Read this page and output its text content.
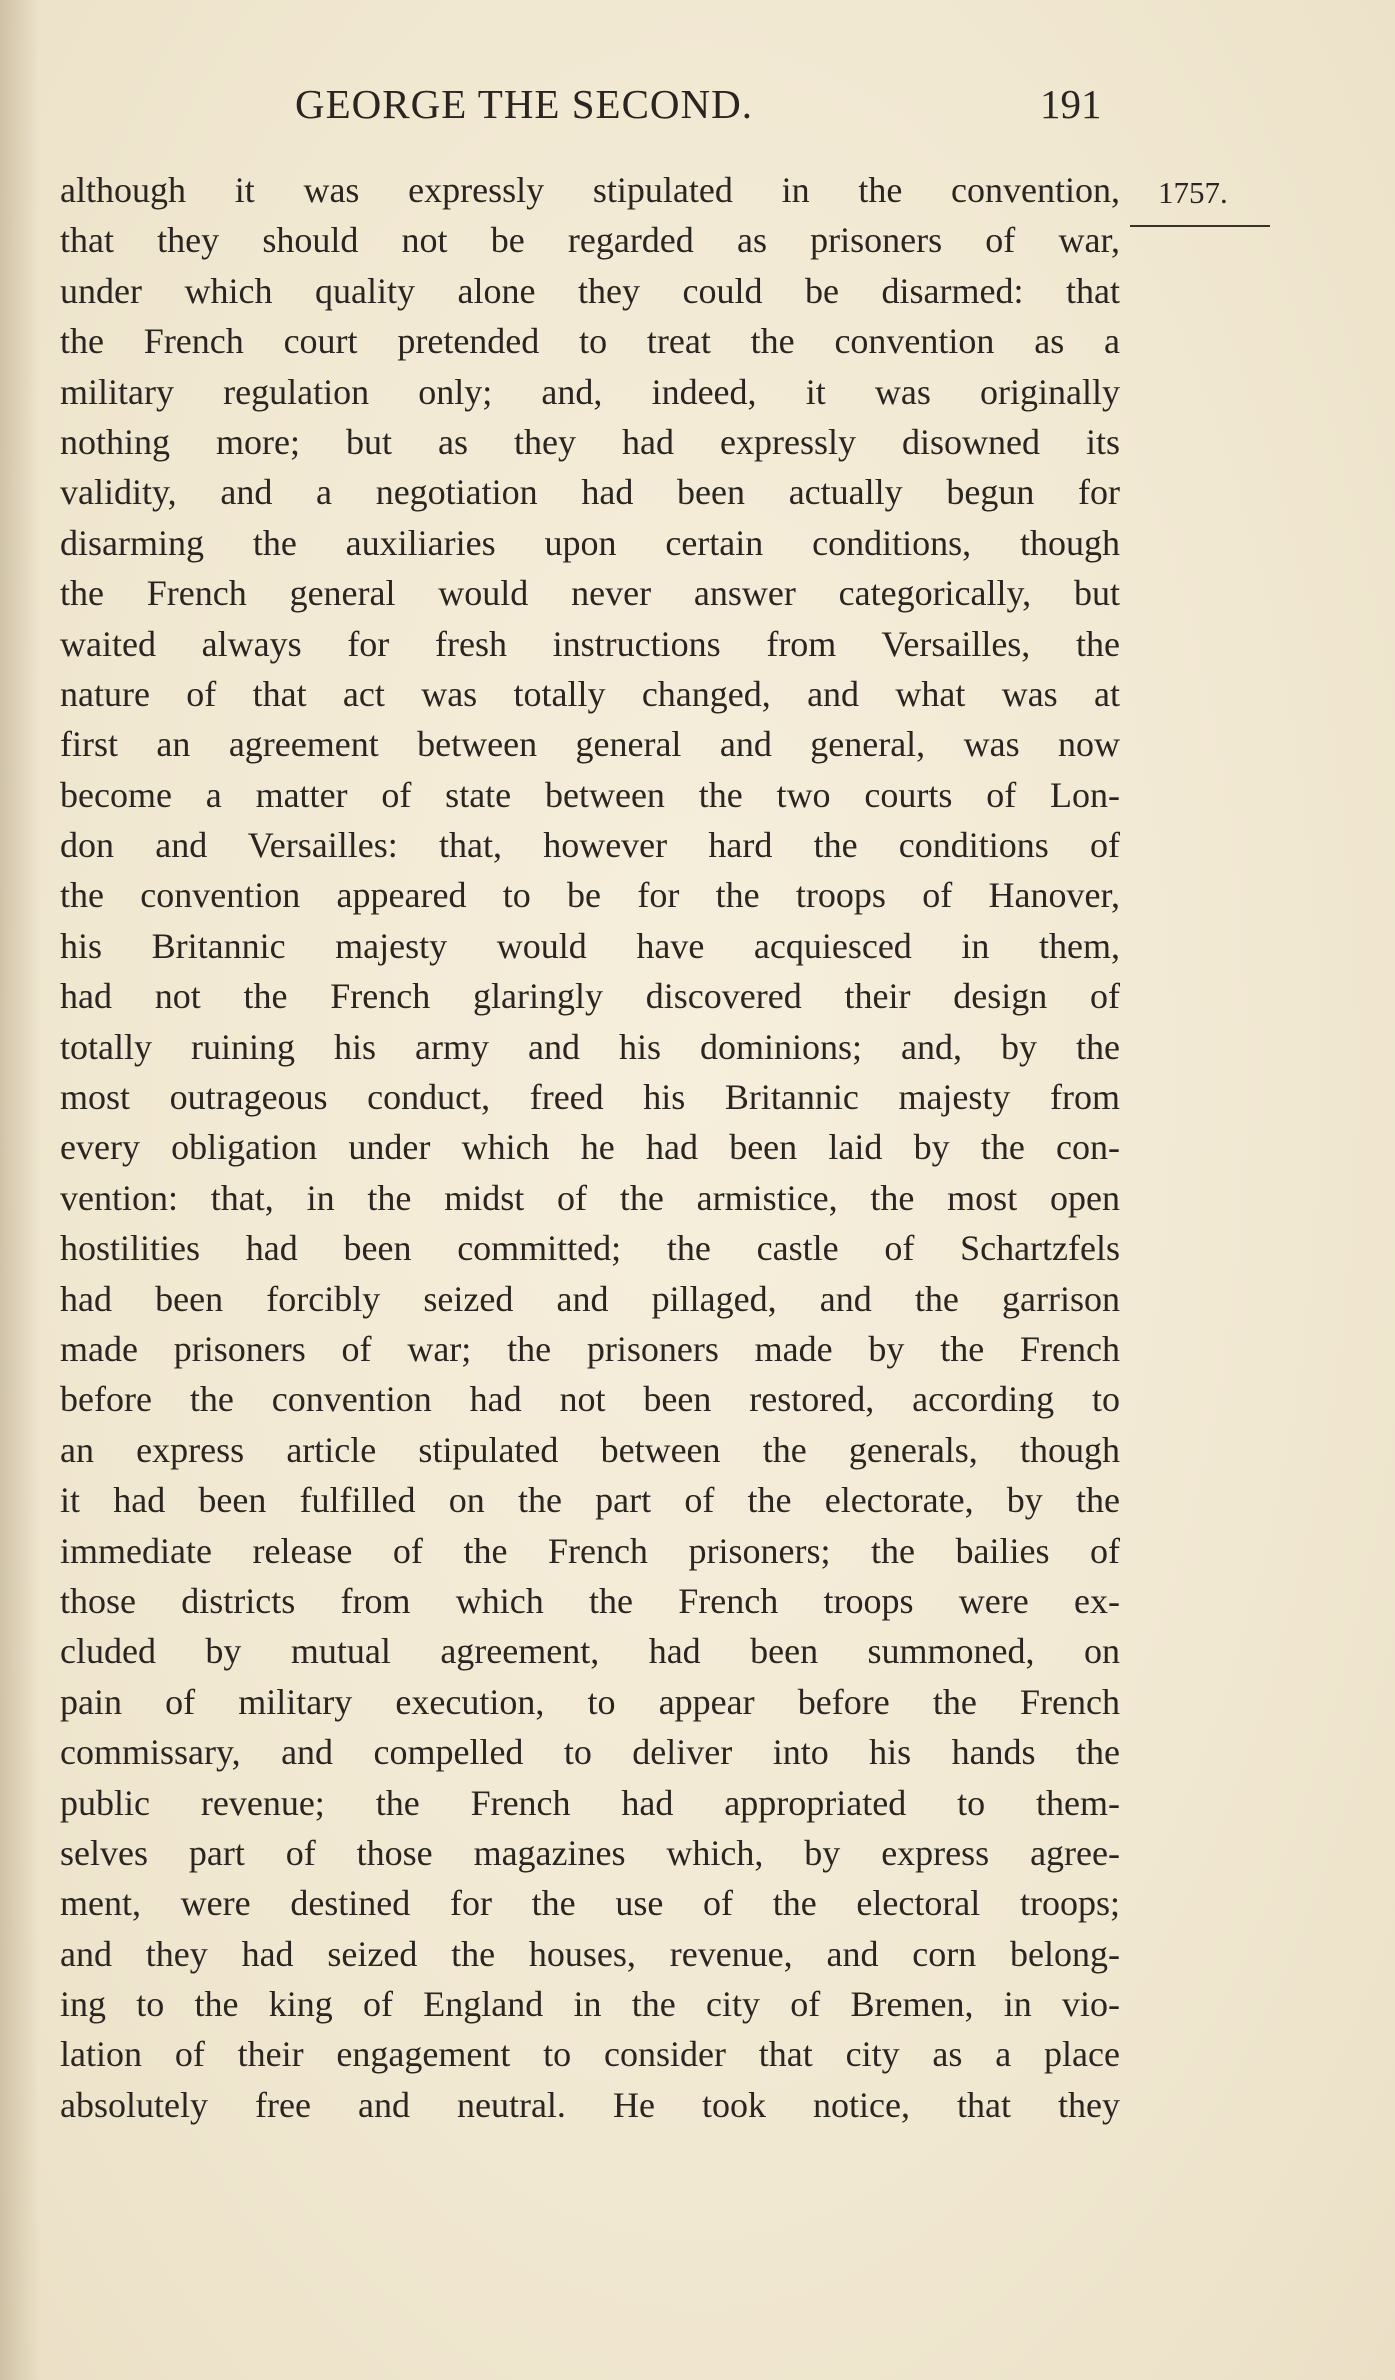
GEORGE THE SECOND.	191
1757.
although it was expressly stipulated in the convention,
that they should not be regarded as prisoners of war,
under which quality alone they could be disarmed: that
the French court pretended to treat the convention as a
military regulation only; and, indeed, it was originally
nothing more; but as they had expressly disowned its
validity, and a negotiation had been actually begun for
disarming the auxiliaries upon certain conditions, though
the French general would never answer categorically, but
waited always for fresh instructions from Versailles, the
nature of that act was totally changed, and what was at
first an agreement between general and general, was now
become a matter of state between the two courts of Lon-
don and Versailles: that, however hard the conditions of
the convention appeared to be for the troops of Hanover,
his Britannic majesty would have acquiesced in them,
had not the French glaringly discovered their design of
totally ruining his army and his dominions; and, by the
most outrageous conduct, freed his Britannic majesty from
every obligation under which he had been laid by the con-
vention: that, in the midst of the armistice, the most open
hostilities had been committed; the castle of Schartzfels
had been forcibly seized and pillaged, and the garrison
made prisoners of war; the prisoners made by the French
before the convention had not been restored, according to
an express article stipulated between the generals, though
it had been fulfilled on the part of the electorate, by the
immediate release of the French prisoners; the bailies of
those districts from which the French troops were ex-
cluded by mutual agreement, had been summoned, on
pain of military execution, to appear before the French
commissary, and compelled to deliver into his hands the
public revenue; the French had appropriated to them-
selves part of those magazines which, by express agree-
ment, were destined for the use of the electoral troops;
and they had seized the houses, revenue, and corn belong-
ing to the king of England in the city of Bremen, in vio-
lation of their engagement to consider that city as a place
absolutely free and neutral. He took notice, that they
